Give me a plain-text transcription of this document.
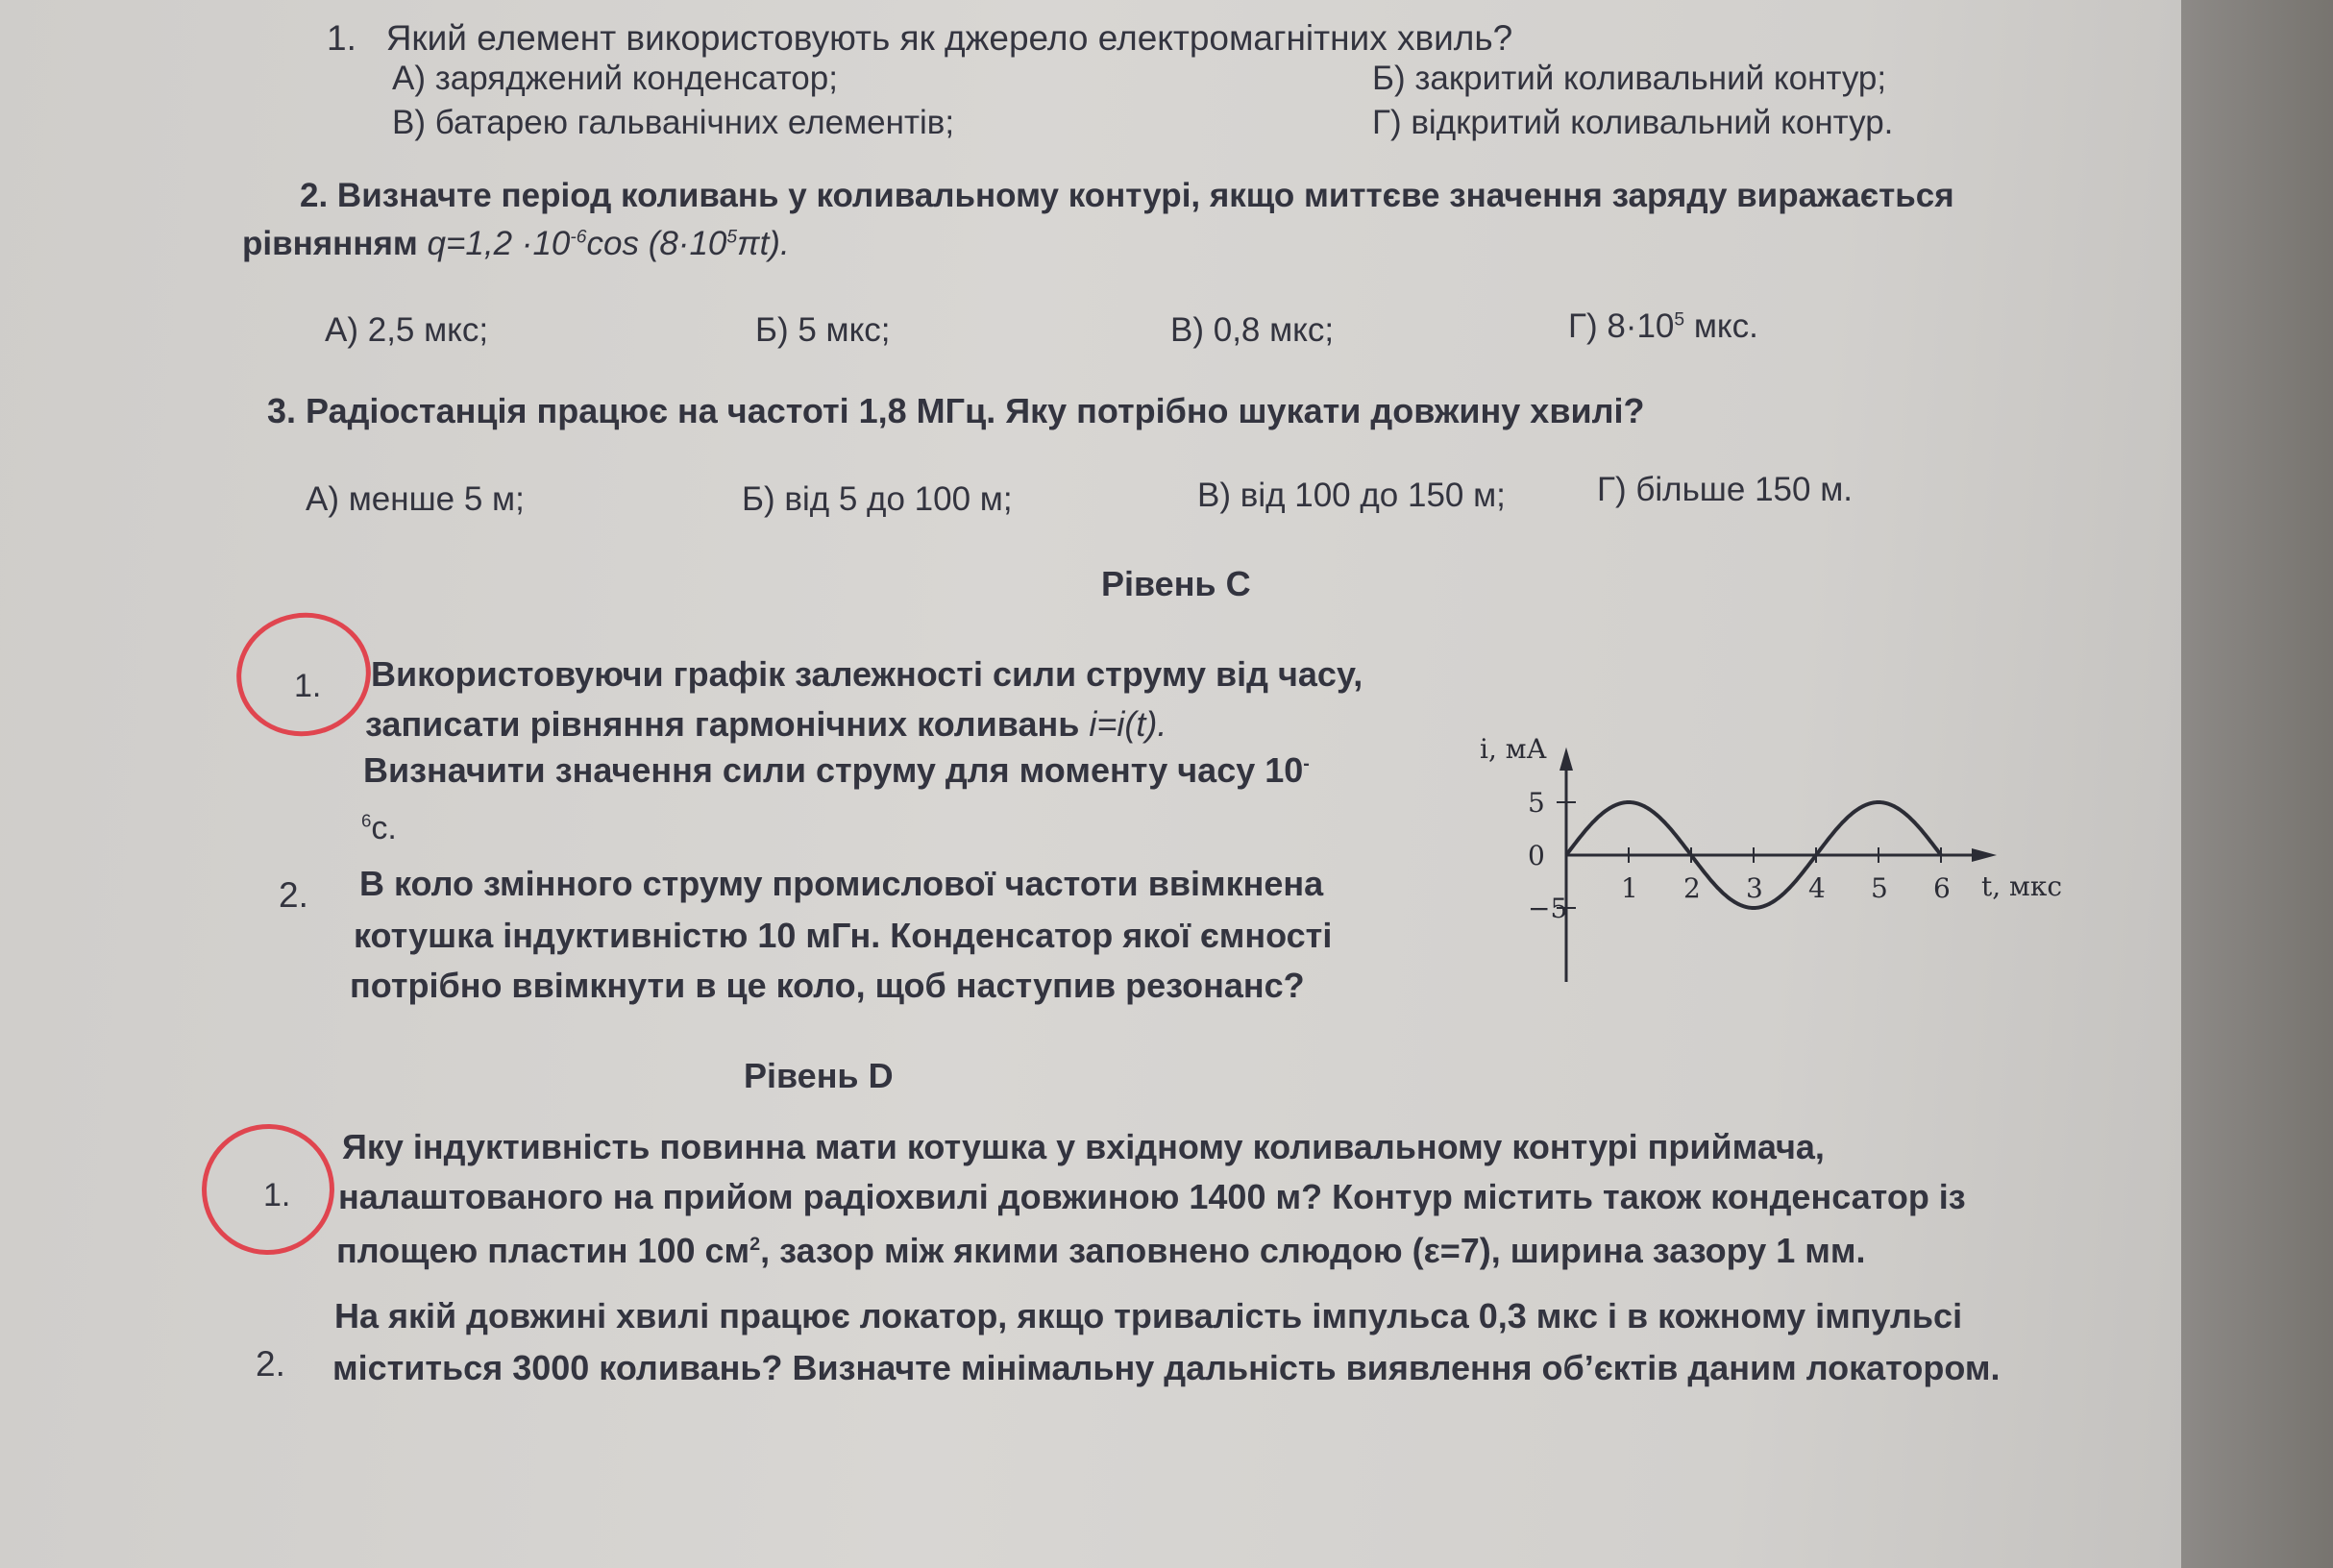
1. Який елемент використовують як джерело електромагнітних хвиль?
А) заряджений конденсатор;	Б) закритий коливальний контур;
В) батарею гальванічних елементів;	Г) відкритий коливальний контур.
2. Визначте період коливань у коливальному контурі, якщо миттєве значення заряду виражається
рівнянням $q=1,2 \cdot 10^{-6}\cos$ $(8\cdot 10^5\pi t)$.
А) 2,5 мкс;	Б) 5 мкс;	В) 0,8 мкс;	Г) $8\cdot 10^5$ мкс.
3. Радіостанція працює на частоті 1,8 МГц. Яку потрібно шукати довжину хвилі?
А) менше 5 м;	Б) від 5 до 100 м;	В) від 100 до 150 м;	Г) більше 150 м.
Рівень С
1. Використовуючи графік залежності сили струму від часу,
записати рівняння гармонічних коливань i=i(t).
Визначити значення сили струму для моменту часу 10-
$^6$с.
2. В коло змінного струму промислової частоти ввімкнена
котушка індуктивністю 10 мГн. Конденсатор якої ємності
потрібно ввімкнути в це коло, щоб наступив резонанс?
i, мА
t, мкс
1 2 3 4 5 6
5
0
−5
Рівень D
1.
Яку індуктивність повинна мати котушка у вхідному коливальному контурі приймача,
налаштованого на прийом радіохвилі довжиною 1400 м? Контур містить також конденсатор із
площею пластин 100 $см^2$, зазор між якими заповнено слюдою (ε=7), ширина зазору 1 мм.
2.
На якій довжині хвилі працює локатор, якщо тривалість імпульса 0,3 мкс і в кожному імпульсі
міститься 3000 коливань? Визначте мінімальну дальність виявлення об’єктів даним локатором.
